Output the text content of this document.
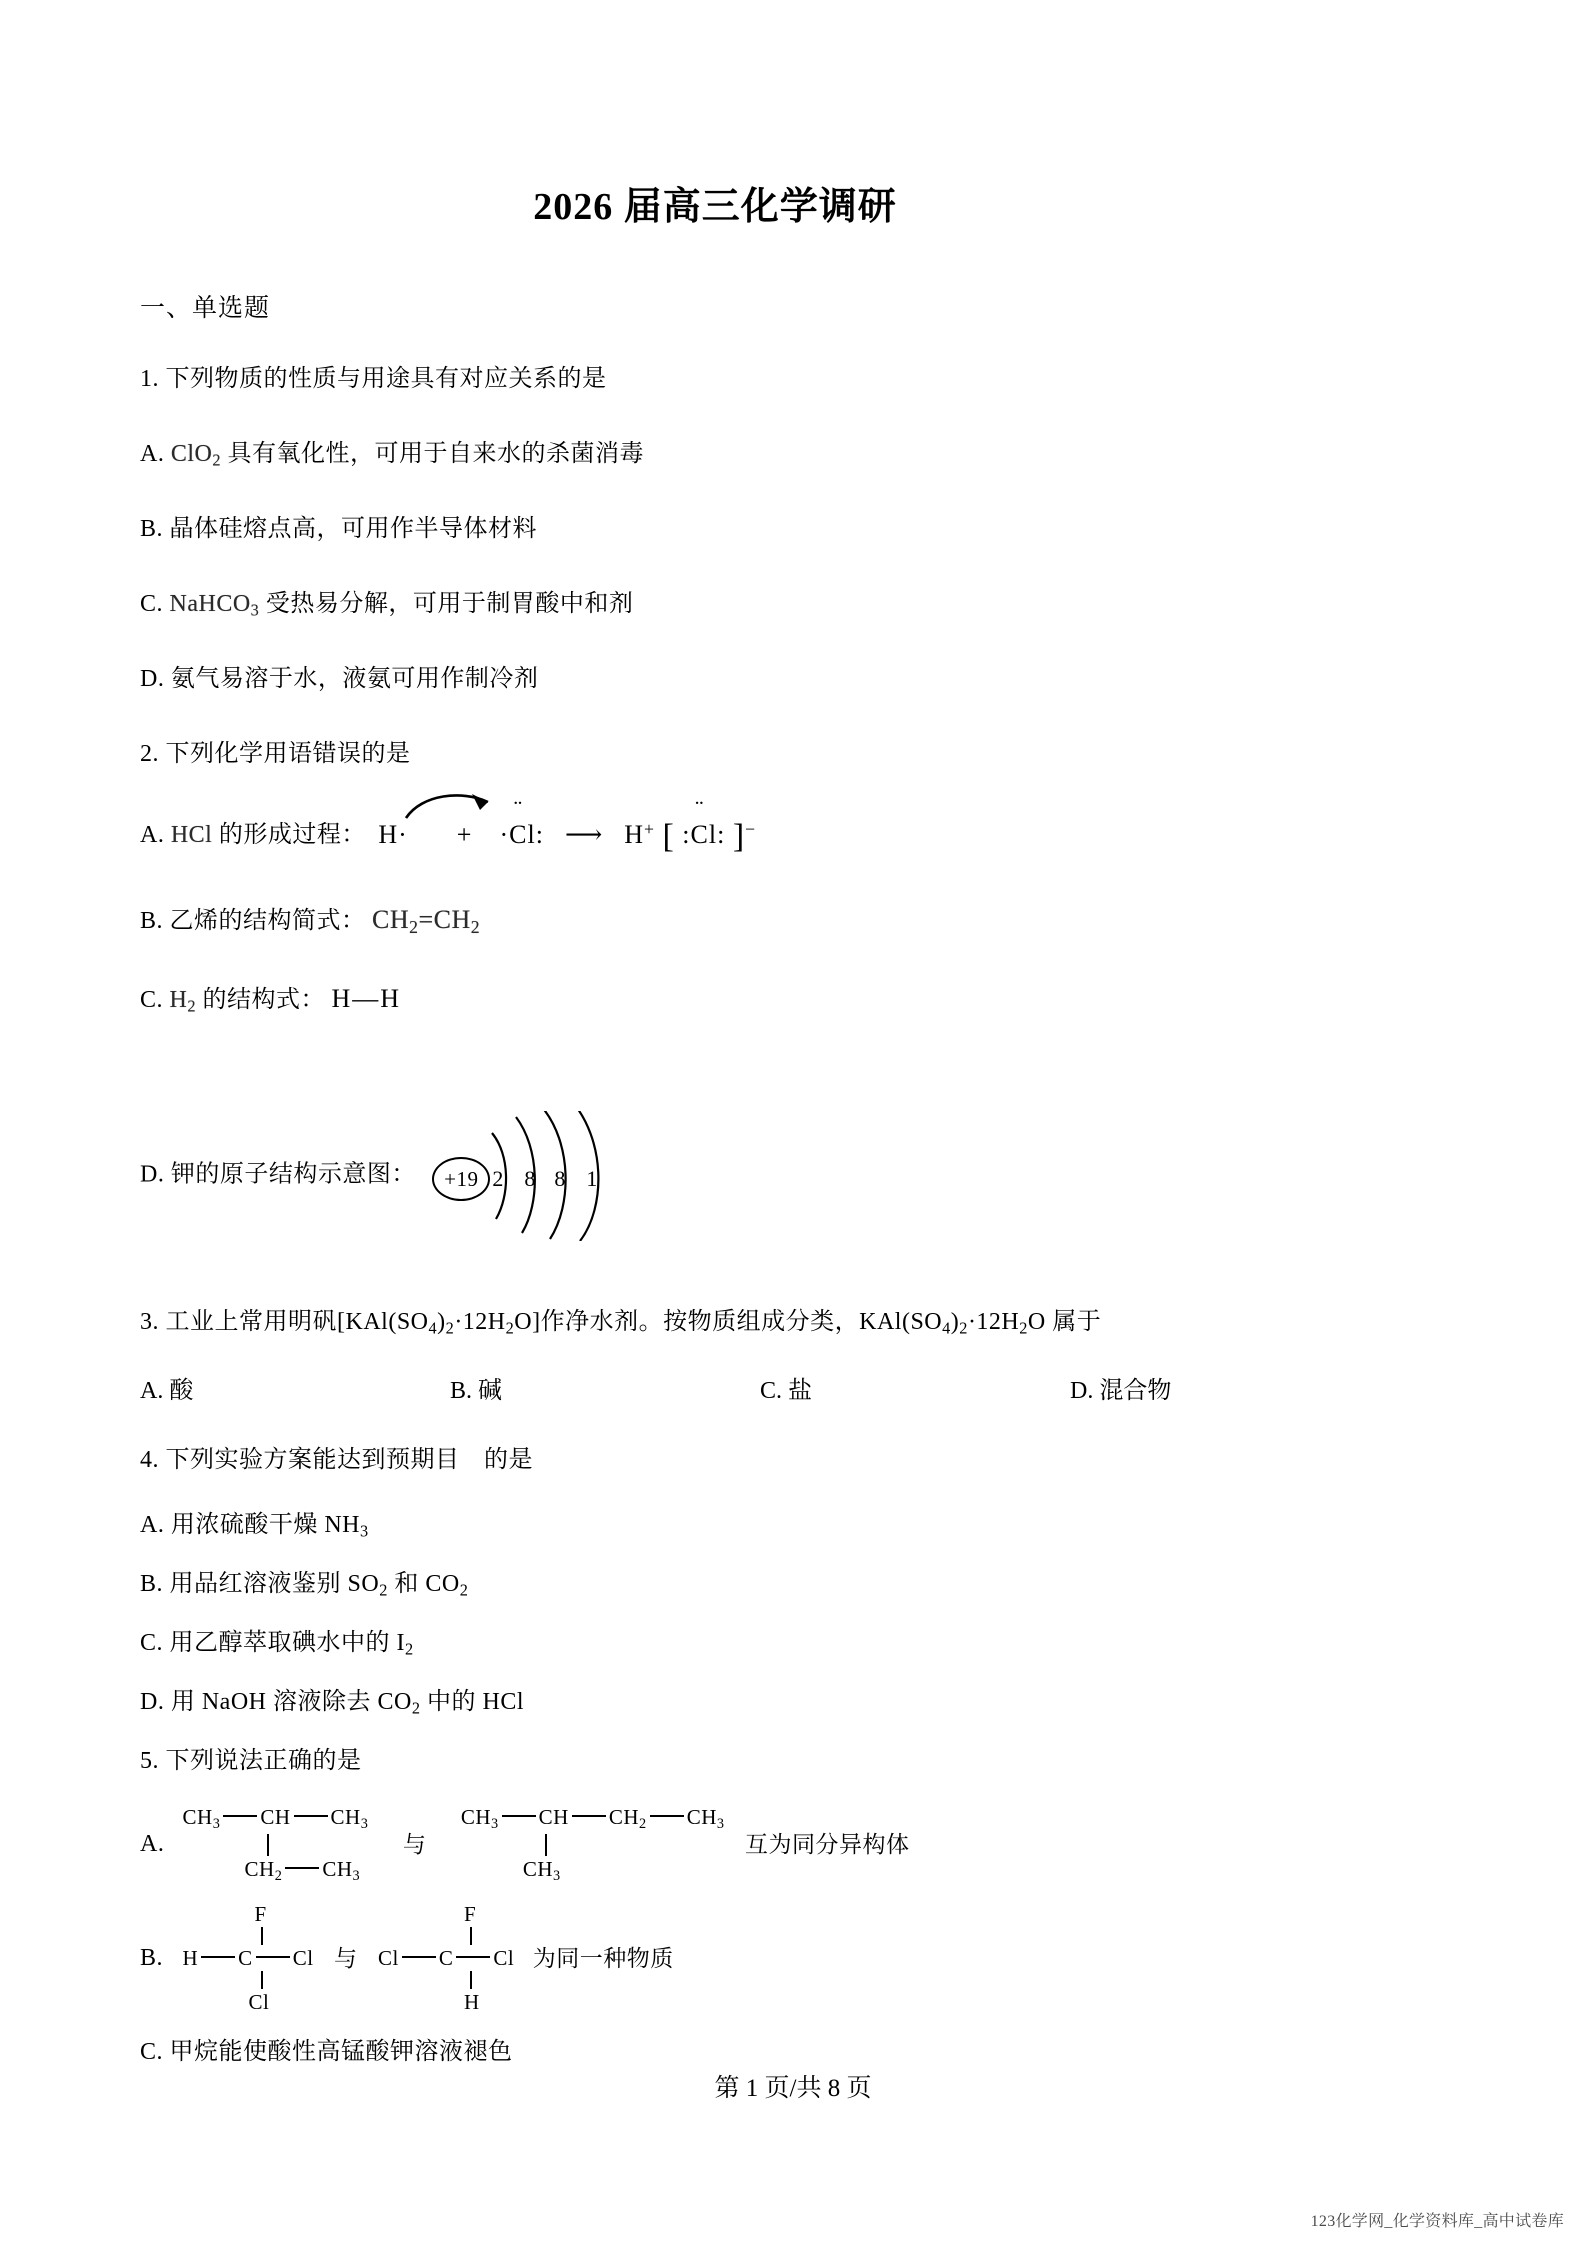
2026 届高三化学调研
一、单选题
1. 下列物质的性质与用途具有对应关系的是
A. ClO$_2$ 具有氧化性，可用于自来水的杀菌消毒
B. 晶体硅熔点高，可用作半导体材料
C. NaHCO$_3$ 受热易分解，可用于制胃酸中和剂
D. 氨气易溶于水，液氨可用作制冷剂
2. 下列化学用语错误的是
A. HCl 的形成过程： H· + ·¨ Cl: ⟶ H+ [ :¨ Cl: ]−
B. 乙烯的结构简式： $CH_2=CH_2$
C. $H_2$ 的结构式： H—H
D. 钾的原子结构示意图：	+19 2 8 8 1
3. 工业上常用明矾$[KAl(SO_4)_2\cdot 12H_2O]$作净水剂。按物质组成分类，$KAl(SO_4)_2\cdot 12H_2O$ 属于
A. 酸	B. 碱	C. 盐	D. 混合物
4. 下列实验方案能达到预期目　的是
A. 用浓硫酸干燥 $NH_3$
B. 用品红溶液鉴别 $SO_2$ 和 $CO_2$
C. 用乙醇萃取碘水中的 $I_2$
D. 用 NaOH 溶液除去 $CO_2$ 中的 HCl
5. 下列说法正确的是
A. $CH_3$ CH $CH_3$
$CH_2$ $CH_3$
与 $CH_3$ CH $CH_2$ $CH_3$
$CH_3$
互为同分异构体
B.
F
H C Cl
Cl
与
F
Cl C Cl
H
为同一种物质
C. 甲烷能使酸性高锰酸钾溶液褪色
第 1 页/共 8 页
123化学网_化学资料库_高中试卷库
